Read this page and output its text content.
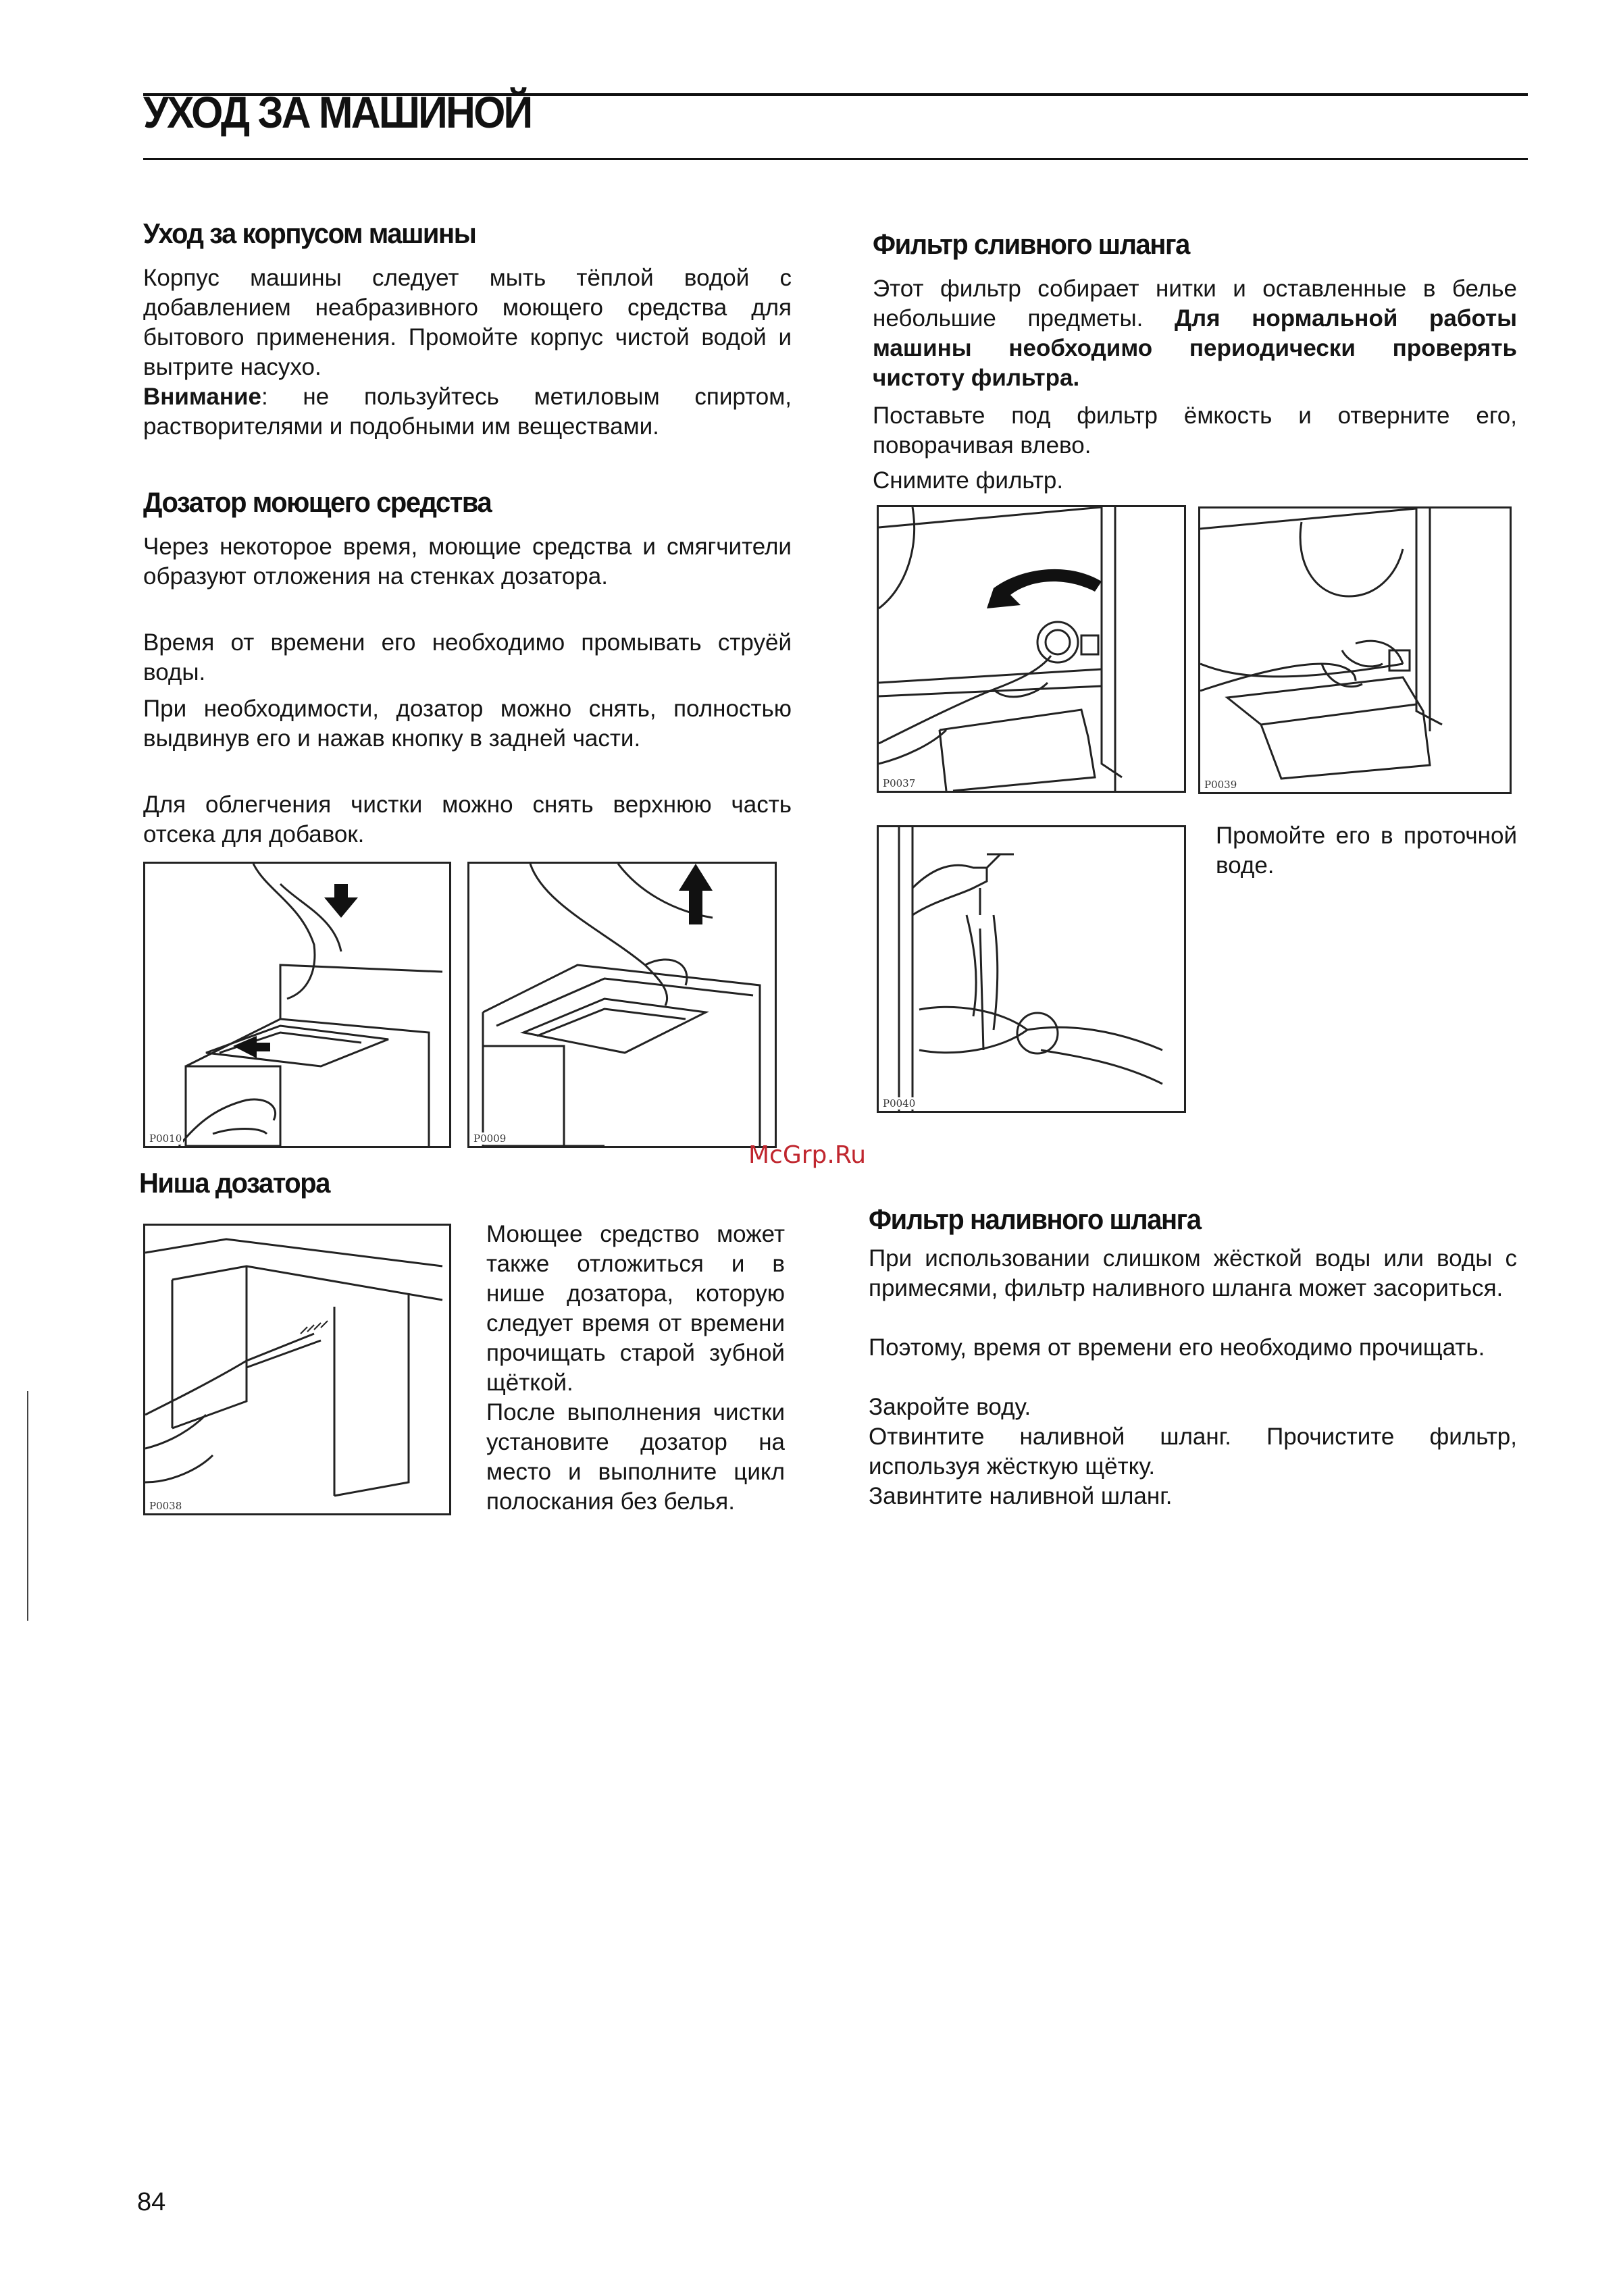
УХОД ЗА МАШИНОЙ
Уход за корпусом машины

Корпус машины следует мыть тёплой водой с добавлением неабразивного моющего средства для бытового применения. Промойте корпус чистой водой и вытрите насухо.
Внимание: не пользуйтесь метиловым спиртом, растворителями и подобными им веществами.

Дозатор моющего средства

Через некоторое время, моющие средства и смягчители образуют отложения на стенках дозатора.

Время от времени его необходимо промывать струёй воды.

При необходимости, дозатор можно снять, полностью выдвинув его и нажав кнопку в задней части.

Для облегчения чистки можно снять верхнюю часть отсека для добавок.

P0010	P0009
Ниша дозатора
P0038

Моющее средство может также отложиться и в нише дозатора, которую следует время от времени прочищать старой зубной щёткой.

После выполнения чистки установите дозатор на место и выполните цикл полоскания без белья.

Фильтр сливного шланга

Этот фильтр собирает нитки и оставленные в белье небольшие предметы. Для нормальной работы машины необходимо периодически проверять чистоту фильтра.

Поставьте под фильтр ёмкость и отверните его, поворачивая влево.

Снимите фильтр.

P0037	P0039
P0040

Промойте его в проточной воде.

McGrp.Ru
Фильтр наливного шланга

При использовании слишком жёсткой воды или воды с примесями, фильтр наливного шланга может засориться.

Поэтому, время от времени его необходимо прочищать.

Закройте воду.

Отвинтите наливной шланг. Прочистите фильтр, используя жёсткую щётку.

Завинтите наливной шланг.

84
